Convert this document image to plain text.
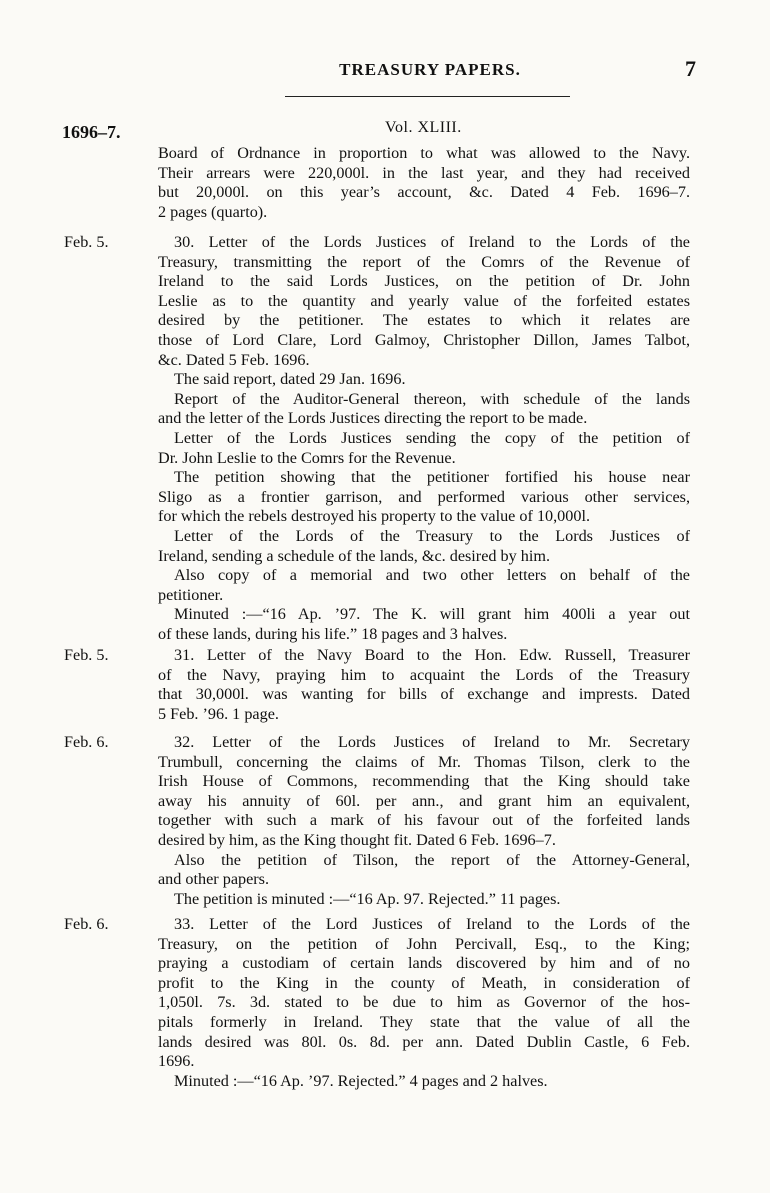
TREASURY PAPERS.	7
1696–7.	Vol. XLIII.
Board of Ordnance in proportion to what was allowed to the Navy.
Their arrears were 220,000l. in the last year, and they had received
but 20,000l. on this year’s account, &c. Dated 4 Feb. 1696–7.
2 pages (quarto).
Feb. 5.	30. Letter of the Lords Justices of Ireland to the Lords of the
Treasury, transmitting the report of the Comrs of the Revenue of
Ireland to the said Lords Justices, on the petition of Dr. John
Leslie as to the quantity and yearly value of the forfeited estates
desired by the petitioner. The estates to which it relates are
those of Lord Clare, Lord Galmoy, Christopher Dillon, James Talbot,
&c. Dated 5 Feb. 1696.
The said report, dated 29 Jan. 1696.
Report of the Auditor-General thereon, with schedule of the lands
and the letter of the Lords Justices directing the report to be made.
Letter of the Lords Justices sending the copy of the petition of
Dr. John Leslie to the Comrs for the Revenue.
The petition showing that the petitioner fortified his house near
Sligo as a frontier garrison, and performed various other services,
for which the rebels destroyed his property to the value of 10,000l.
Letter of the Lords of the Treasury to the Lords Justices of
Ireland, sending a schedule of the lands, &c. desired by him.
Also copy of a memorial and two other letters on behalf of the
petitioner.
Minuted :—“16 Ap. ’97. The K. will grant him 400li a year out
of these lands, during his life.” 18 pages and 3 halves.
Feb. 5.	31. Letter of the Navy Board to the Hon. Edw. Russell, Treasurer
of the Navy, praying him to acquaint the Lords of the Treasury
that 30,000l. was wanting for bills of exchange and imprests. Dated
5 Feb. ’96. 1 page.
Feb. 6.	32. Letter of the Lords Justices of Ireland to Mr. Secretary
Trumbull, concerning the claims of Mr. Thomas Tilson, clerk to the
Irish House of Commons, recommending that the King should take
away his annuity of 60l. per ann., and grant him an equivalent,
together with such a mark of his favour out of the forfeited lands
desired by him, as the King thought fit. Dated 6 Feb. 1696–7.
Also the petition of Tilson, the report of the Attorney-General,
and other papers.
The petition is minuted :—“16 Ap. 97. Rejected.” 11 pages.
Feb. 6.	33. Letter of the Lord Justices of Ireland to the Lords of the
Treasury, on the petition of John Percivall, Esq., to the King;
praying a custodiam of certain lands discovered by him and of no
profit to the King in the county of Meath, in consideration of
1,050l. 7s. 3d. stated to be due to him as Governor of the hos-
pitals formerly in Ireland. They state that the value of all the
lands desired was 80l. 0s. 8d. per ann. Dated Dublin Castle, 6 Feb.
1696.
Minuted :—“16 Ap. ’97. Rejected.” 4 pages and 2 halves.
